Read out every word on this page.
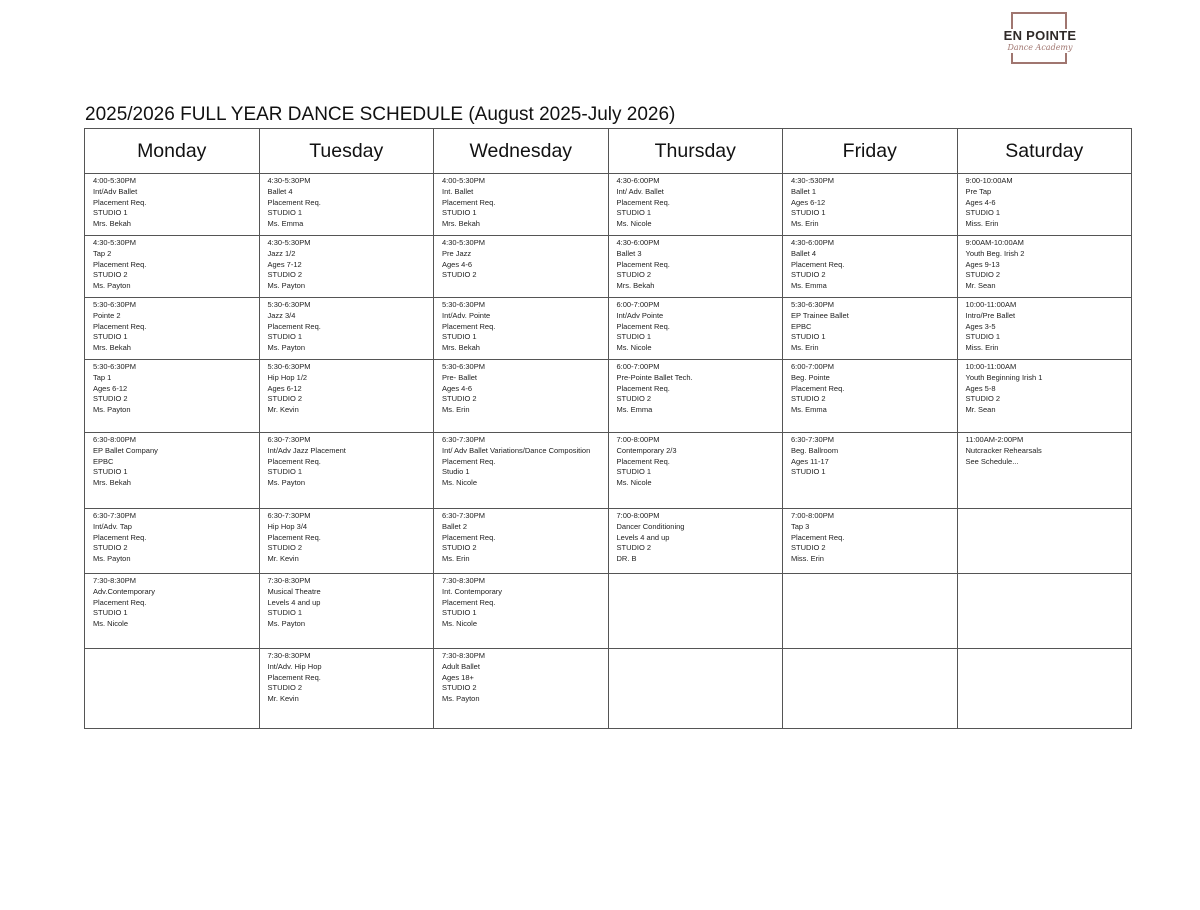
EN POINTE
Dance Academy
2025/2026 FULL YEAR DANCE SCHEDULE (August 2025-July 2026)
Monday	Tuesday	Wednesday	Thursday	Friday	Saturday

4:00-5:30PM
Int/Adv Ballet
Placement Req.
STUDIO 1
Mrs. Bekah	4:30-5:30PM
Ballet 4
Placement Req.
STUDIO 1
Ms. Emma	4:00-5:30PM
Int. Ballet
Placement Req.
STUDIO 1
Mrs. Bekah	4:30-6:00PM
Int/ Adv. Ballet
Placement Req.
STUDIO 1
Ms. Nicole	4:30-:530PM
Ballet 1
Ages 6-12
STUDIO 1
Ms. Erin	9:00-10:00AM
Pre Tap
Ages 4-6
STUDIO 1
Miss. Erin

4:30-5:30PM
Tap 2
Placement Req.
STUDIO 2
Ms. Payton	4:30-5:30PM
Jazz 1/2
Ages 7-12
STUDIO 2
Ms. Payton	4:30-5:30PM
Pre Jazz
Ages 4-6
STUDIO 2	4:30-6:00PM
Ballet 3
Placement Req.
STUDIO 2
Mrs. Bekah	4:30-6:00PM
Ballet 4
Placement Req.
STUDIO 2
Ms. Emma	9:00AM-10:00AM
Youth Beg. Irish 2
Ages 9-13
STUDIO 2
Mr. Sean

5:30-6:30PM
Pointe 2
Placement Req.
STUDIO 1
Mrs. Bekah	5:30-6:30PM
Jazz 3/4
Placement Req.
STUDIO 1
Ms. Payton	5:30-6:30PM
Int/Adv. Pointe
Placement Req.
STUDIO 1
Mrs. Bekah	6:00-7:00PM
Int/Adv Pointe
Placement Req.
STUDIO 1
Ms. Nicole	5:30-6:30PM
EP Trainee Ballet
EPBC
STUDIO 1
Ms. Erin	10:00-11:00AM
Intro/Pre Ballet
Ages 3-5
STUDIO 1
Miss. Erin

5:30-6:30PM
Tap 1
Ages 6-12
STUDIO 2
Ms. Payton	5:30-6:30PM
Hip Hop 1/2
Ages 6-12
STUDIO 2
Mr. Kevin	5:30-6:30PM
Pre- Ballet
Ages 4-6
STUDIO 2
Ms. Erin	6:00-7:00PM
Pre-Pointe Ballet Tech.
Placement Req.
STUDIO 2
Ms. Emma	6:00-7:00PM
Beg. Pointe
Placement Req.
STUDIO 2
Ms. Emma	10:00-11:00AM
Youth Beginning Irish 1
Ages 5-8
STUDIO 2
Mr. Sean

6:30-8:00PM
EP Ballet Company
EPBC
STUDIO 1
Mrs. Bekah	6:30-7:30PM
Int/Adv Jazz Placement
Placement Req.
STUDIO 1
Ms. Payton	6:30-7:30PM
Int/ Adv Ballet Variations/Dance Composition
Placement Req.
Studio 1
Ms. Nicole	7:00-8:00PM
Contemporary 2/3
Placement Req.
STUDIO 1
Ms. Nicole	6:30-7:30PM
Beg. Ballroom
Ages 11-17
STUDIO 1	11:00AM-2:00PM
Nutcracker Rehearsals
See Schedule...

6:30-7:30PM
Int/Adv. Tap
Placement Req.
STUDIO 2
Ms. Payton	6:30-7:30PM
Hip Hop 3/4
Placement Req.
STUDIO 2
Mr. Kevin	6:30-7:30PM
Ballet 2
Placement Req.
STUDIO 2
Ms. Erin	7:00-8:00PM
Dancer Conditioning
Levels 4 and up
STUDIO 2
DR. B	7:00-8:00PM
Tap 3
Placement Req.
STUDIO 2
Miss. Erin	

7:30-8:30PM
Adv.Contemporary
Placement Req.
STUDIO 1
Ms. Nicole	7:30-8:30PM
Musical Theatre
Levels 4 and up
STUDIO 1
Ms. Payton	7:30-8:30PM
Int. Contemporary
Placement Req.
STUDIO 1
Ms. Nicole			

	7:30-8:30PM
Int/Adv. Hip Hop
Placement Req.
STUDIO 2
Mr. Kevin	7:30-8:30PM
Adult Ballet
Ages 18+
STUDIO 2
Ms. Payton			
